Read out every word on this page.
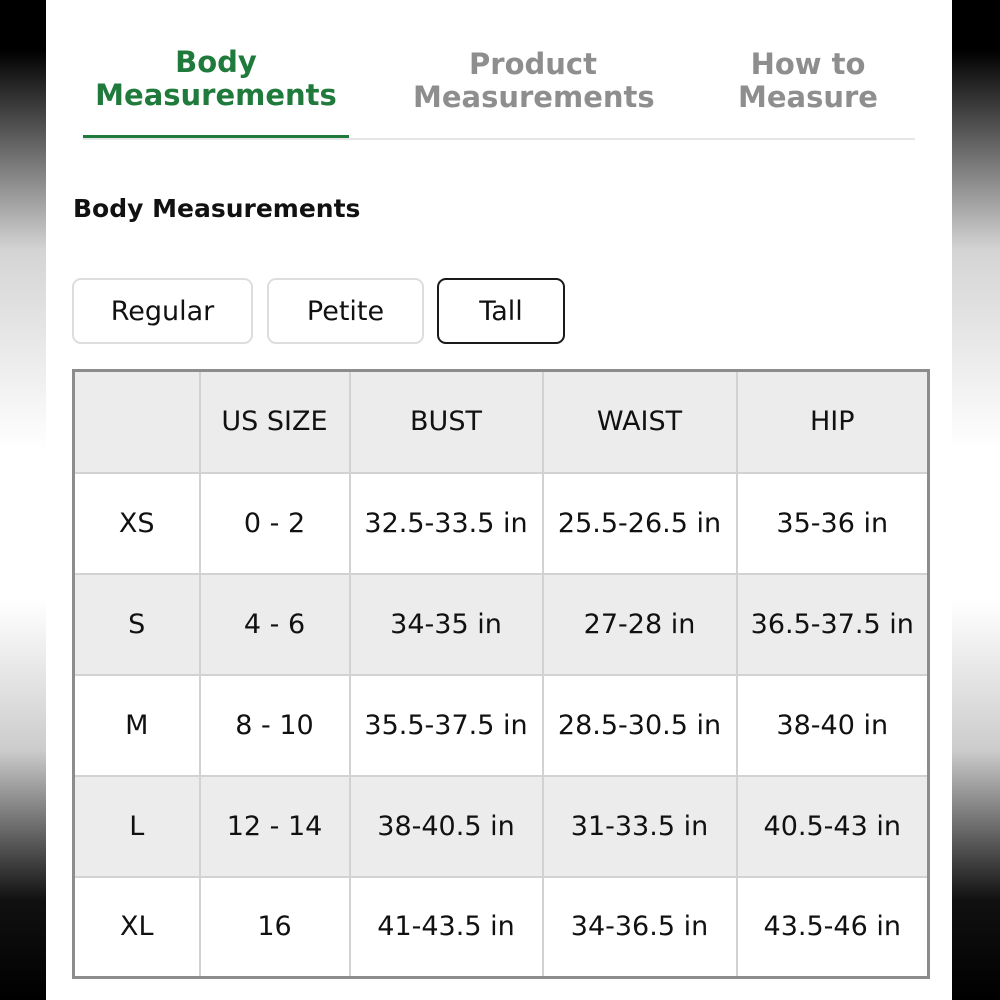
Body
Measurements
Product
Measurements
How to
Measure
Body Measurements
Regular	Petite	Tall
	US SIZE	BUST	WAIST	HIP
XS	0 - 2	32.5-33.5 in	25.5-26.5 in	35-36 in
S	4 - 6	34-35 in	27-28 in	36.5-37.5 in
M	8 - 10	35.5-37.5 in	28.5-30.5 in	38-40 in
L	12 - 14	38-40.5 in	31-33.5 in	40.5-43 in
XL	16	41-43.5 in	34-36.5 in	43.5-46 in
